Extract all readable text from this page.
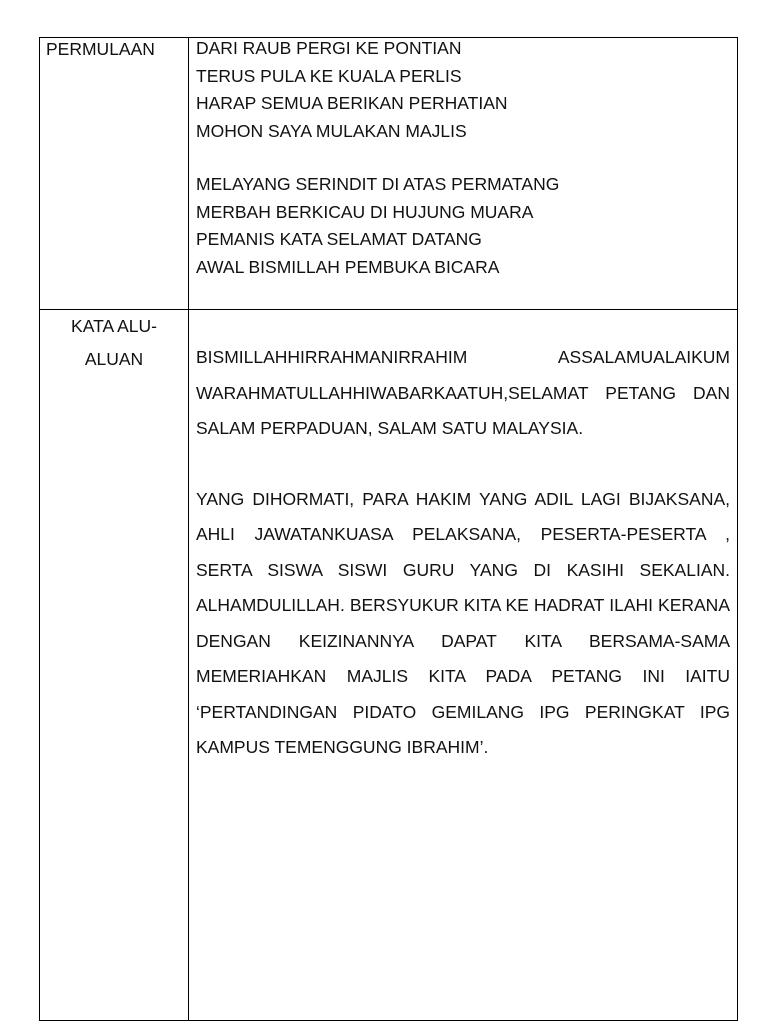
PERMULAAN DARI RAUB PERGI KE PONTIAN
TERUS PULA KE KUALA PERLIS
HARAP SEMUA BERIKAN PERHATIAN
MOHON SAYA MULAKAN MAJLIS
MELAYANG SERINDIT DI ATAS PERMATANG
MERBAH BERKICAU DI HUJUNG MUARA
PEMANIS KATA SELAMAT DATANG
AWAL BISMILLAH PEMBUKA BICARA
KATA ALU-
ALUAN	BISMILLAHHIRRAHMANIRRAHIM ASSALAMUALAIKUM WARAHMATULLAHHIWABARKAATUH,SELAMAT PETANG DAN SALAM PERPADUAN, SALAM SATU MALAYSIA.

YANG DIHORMATI, PARA HAKIM YANG ADIL LAGI BIJAKSANA, AHLI JAWATANKUASA PELAKSANA, PESERTA-PESERTA , SERTA SISWA SISWI GURU YANG DI KASIHI SEKALIAN. ALHAMDULILLAH. BERSYUKUR KITA KE HADRAT ILAHI KERANA DENGAN KEIZINANNYA DAPAT KITA BERSAMA-SAMA MEMERIAHKAN MAJLIS KITA PADA PETANG INI IAITU ‘PERTANDINGAN PIDATO GEMILANG IPG PERINGKAT IPG KAMPUS TEMENGGUNG IBRAHIM’.
